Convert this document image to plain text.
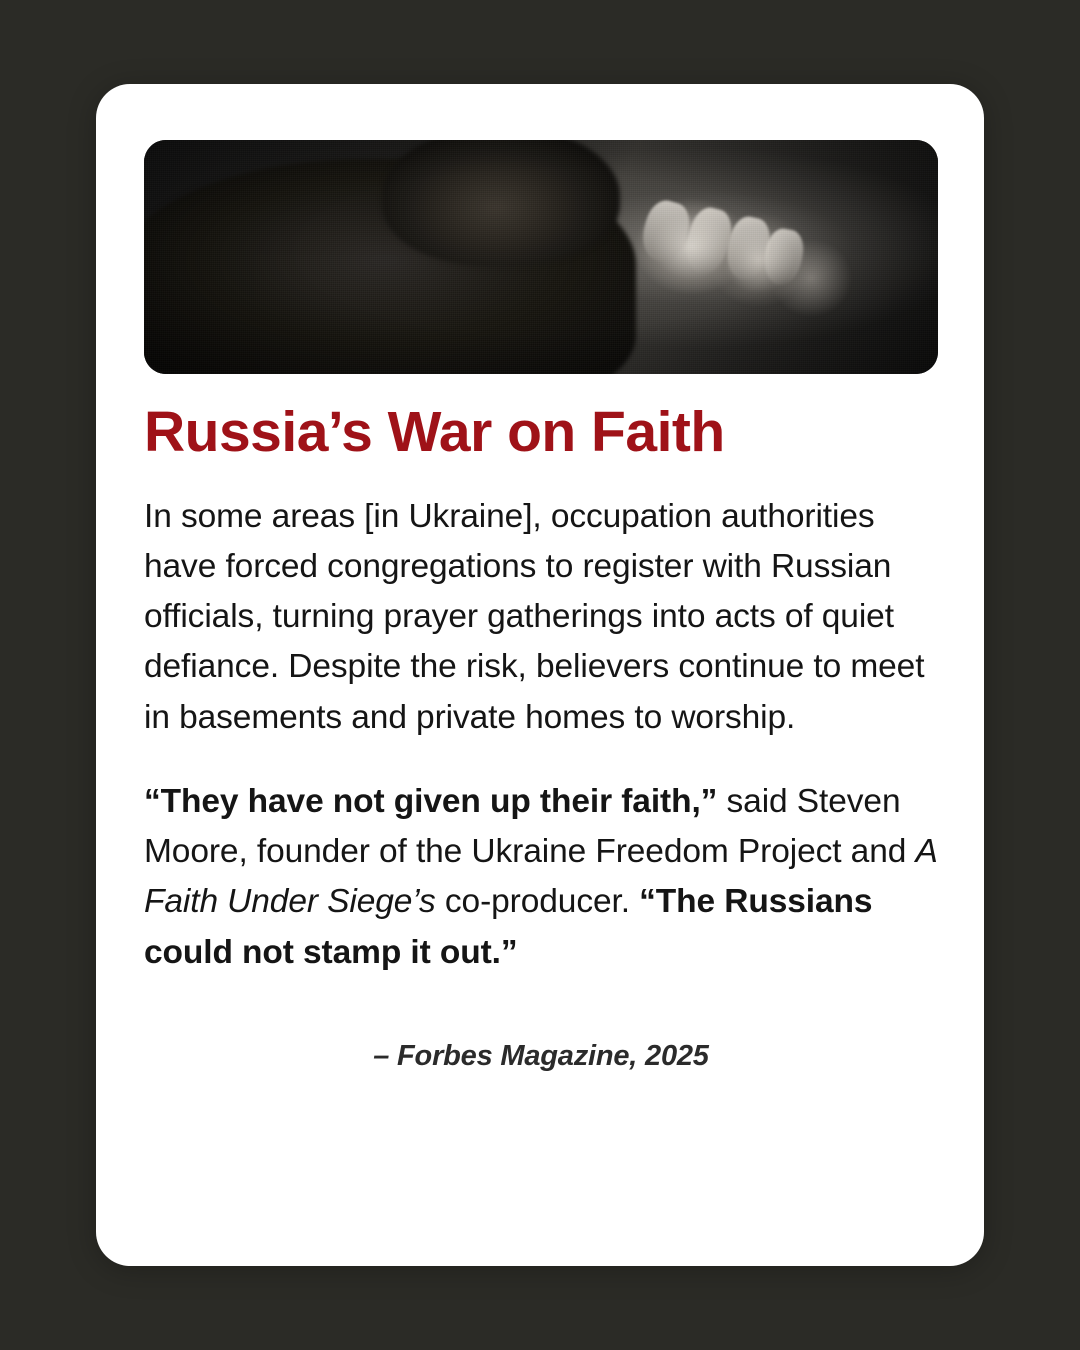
Russia’s War on Faith

In some areas [in Ukraine], occupation authorities have forced congregations to register with Russian officials, turning prayer gatherings into acts of quiet defiance. Despite the risk, believers continue to meet in basements and private homes to worship.

“They have not given up their faith,” said Steven Moore, founder of the Ukraine Freedom Project and A Faith Under Siege’s co-producer. “The Russians could not stamp it out.”

– Forbes Magazine, 2025
